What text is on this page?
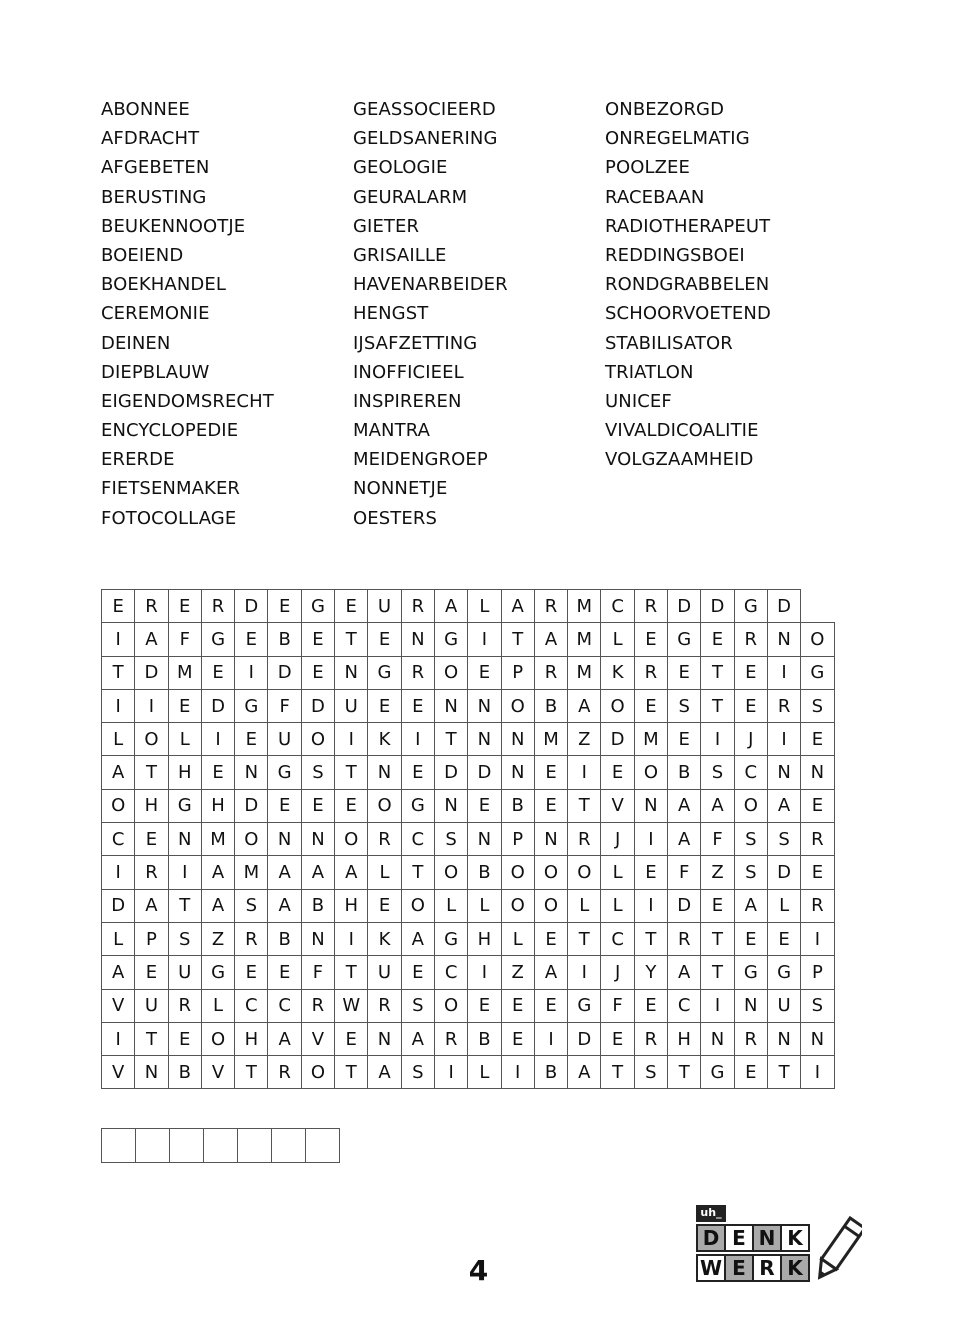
ABONNEE
AFDRACHT
AFGEBETEN
BERUSTING
BEUKENNOOTJE
BOEIEND
BOEKHANDEL
CEREMONIE
DEINEN
DIEPBLAUW
EIGENDOMSRECHT
ENCYCLOPEDIE
ERERDE
FIETSENMAKER
FOTOCOLLAGE
GEASSOCIEERD
GELDSANERING
GEOLOGIE
GEURALARM
GIETER
GRISAILLE
HAVENARBEIDER
HENGST
IJSAFZETTING
INOFFICIEEL
INSPIREREN
MANTRA
MEIDENGROEP
NONNETJE
OESTERS
ONBEZORGD
ONREGELMATIG
POOLZEE
RACEBAAN
RADIOTHERAPEUT
REDDINGSBOEI
RONDGRABBELEN
SCHOORVOETEND
STABILISATOR
TRIATLON
UNICEF
VIVALDICOALITIE
VOLGZAAMHEID
E	R	E	R	D	E	G	E	U	R	A	L	A	R	M	C	R	D	D	G	D	
I	A	F	G	E	B	E	T	E	N	G	I	T	A	M	L	E	G	E	R	N	O
T	D	M	E	I	D	E	N	G	R	O	E	P	R	M	K	R	E	T	E	I	G
I	I	E	D	G	F	D	U	E	E	N	N	O	B	A	O	E	S	T	E	R	S
L	O	L	I	E	U	O	I	K	I	T	N	N	M	Z	D	M	E	I	J	I	E
A	T	H	E	N	G	S	T	N	E	D	D	N	E	I	E	O	B	S	C	N	N
O	H	G	H	D	E	E	E	O	G	N	E	B	E	T	V	N	A	A	O	A	E
C	E	N	M	O	N	N	O	R	C	S	N	P	N	R	J	I	A	F	S	S	R
I	R	I	A	M	A	A	A	L	T	O	B	O	O	O	L	E	F	Z	S	D	E
D	A	T	A	S	A	B	H	E	O	L	L	O	O	L	L	I	D	E	A	L	R
L	P	S	Z	R	B	N	I	K	A	G	H	L	E	T	C	T	R	T	E	E	I
A	E	U	G	E	E	F	T	U	E	C	I	Z	A	I	J	Y	A	T	G	G	P
V	U	R	L	C	C	R	W	R	S	O	E	E	E	G	F	E	C	I	N	U	S
I	T	E	O	H	A	V	E	N	A	R	B	E	I	D	E	R	H	N	R	N	N
V	N	B	V	T	R	O	T	A	S	I	L	I	B	A	T	S	T	G	E	T	I

uh_
D E N K
W E R K
4
